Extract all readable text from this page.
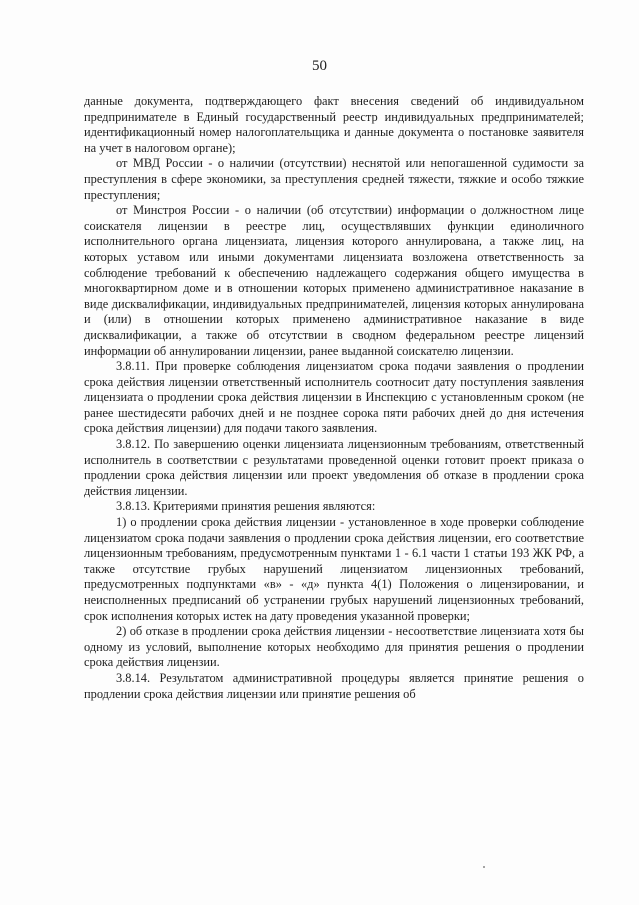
50

данные документа, подтверждающего факт внесения сведений об индивидуальном предпринимателе в Единый государственный реестр индивидуальных предпринимателей; идентификационный номер налогоплательщика и данные документа о постановке заявителя на учет в налоговом органе);

от МВД России - о наличии (отсутствии) неснятой или непогашенной судимости за преступления в сфере экономики, за преступления средней тяжести, тяжкие и особо тяжкие преступления;

от Минстроя России - о наличии (об отсутствии) информации о должностном лице соискателя лицензии в реестре лиц, осуществлявших функции единоличного исполнительного органа лицензиата, лицензия которого аннулирована, а также лиц, на которых уставом или иными документами лицензиата возложена ответственность за соблюдение требований к обеспечению надлежащего содержания общего имущества в многоквартирном доме и в отношении которых применено административное наказание в виде дисквалификации, индивидуальных предпринимателей, лицензия которых аннулирована и (или) в отношении которых применено административное наказание в виде дисквалификации, а также об отсутствии в сводном федеральном реестре лицензий информации об аннулировании лицензии, ранее выданной соискателю лицензии.

3.8.11. При проверке соблюдения лицензиатом срока подачи заявления о продлении срока действия лицензии ответственный исполнитель соотносит дату поступления заявления лицензиата о продлении срока действия лицензии в Инспекцию с установленным сроком (не ранее шестидесяти рабочих дней и не позднее сорока пяти рабочих дней до дня истечения срока действия лицензии) для подачи такого заявления.

3.8.12. По завершению оценки лицензиата лицензионным требованиям, ответственный исполнитель в соответствии с результатами проведенной оценки готовит проект приказа о продлении срока действия лицензии или проект уведомления об отказе в продлении срока действия лицензии.

3.8.13. Критериями принятия решения являются:

1) о продлении срока действия лицензии - установленное в ходе проверки соблюдение лицензиатом срока подачи заявления о продлении срока действия лицензии, его соответствие лицензионным требованиям, предусмотренным пунктами 1 - 6.1 части 1 статьи 193 ЖК РФ, а также отсутствие грубых нарушений лицензиатом лицензионных требований, предусмотренных подпунктами «в» - «д» пункта 4(1) Положения о лицензировании, и неисполненных предписаний об устранении грубых нарушений лицензионных требований, срок исполнения которых истек на дату проведения указанной проверки;

2) об отказе в продлении срока действия лицензии - несоответствие лицензиата хотя бы одному из условий, выполнение которых необходимо для принятия решения о продлении срока действия лицензии.

3.8.14. Результатом административной процедуры является принятие решения о продлении срока действия лицензии или принятие решения об
